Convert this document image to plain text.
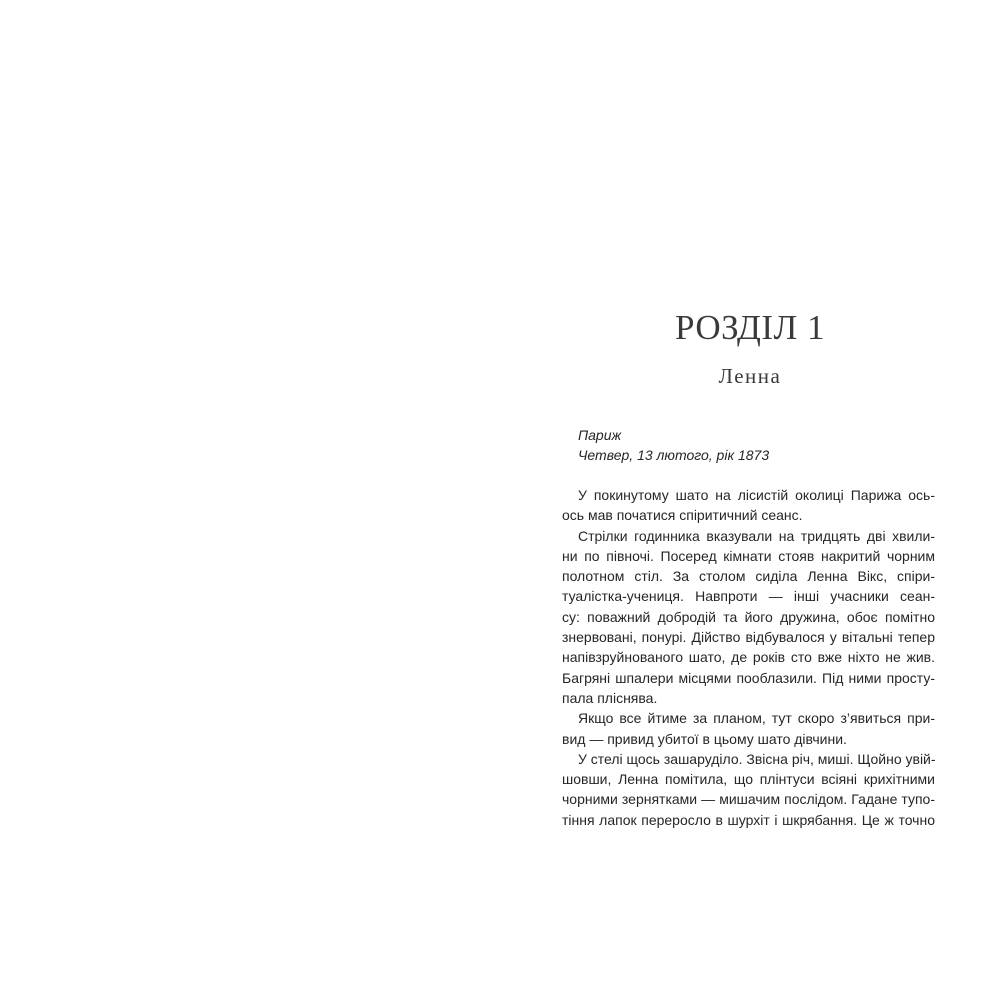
РОЗДІЛ 1
Ленна
Париж
Четвер, 13 лютого, рік 1873
У покинутому шато на лісистій околиці Парижа ось-
ось мав початися спіритичний сеанс.
Стрілки годинника вказували на тридцять дві хвили-
ни по півночі. Посеред кімнати стояв накритий чорним
полотном стіл. За столом сиділа Ленна Вікс, спіри-
туалістка-учениця. Навпроти — інші учасники сеан-
су: поважний добродій та його дружина, обоє помітно
знервовані, понурі. Дійство відбувалося у вітальні тепер
напівзруйнованого шато, де років сто вже ніхто не жив.
Багряні шпалери місцями пооблазили. Під ними просту-
пала пліснява.
Якщо все йтиме за планом, тут скоро з’явиться при-
вид — привид убитої в цьому шато дівчини.
У стелі щось зашаруділо. Звісна річ, миші. Щойно увій-
шовши, Ленна помітила, що плінтуси всіяні крихітними
чорними зернятками — мишачим послідом. Гадане тупо-
тіння лапок переросло в шурхіт і шкрябання. Це ж точно
